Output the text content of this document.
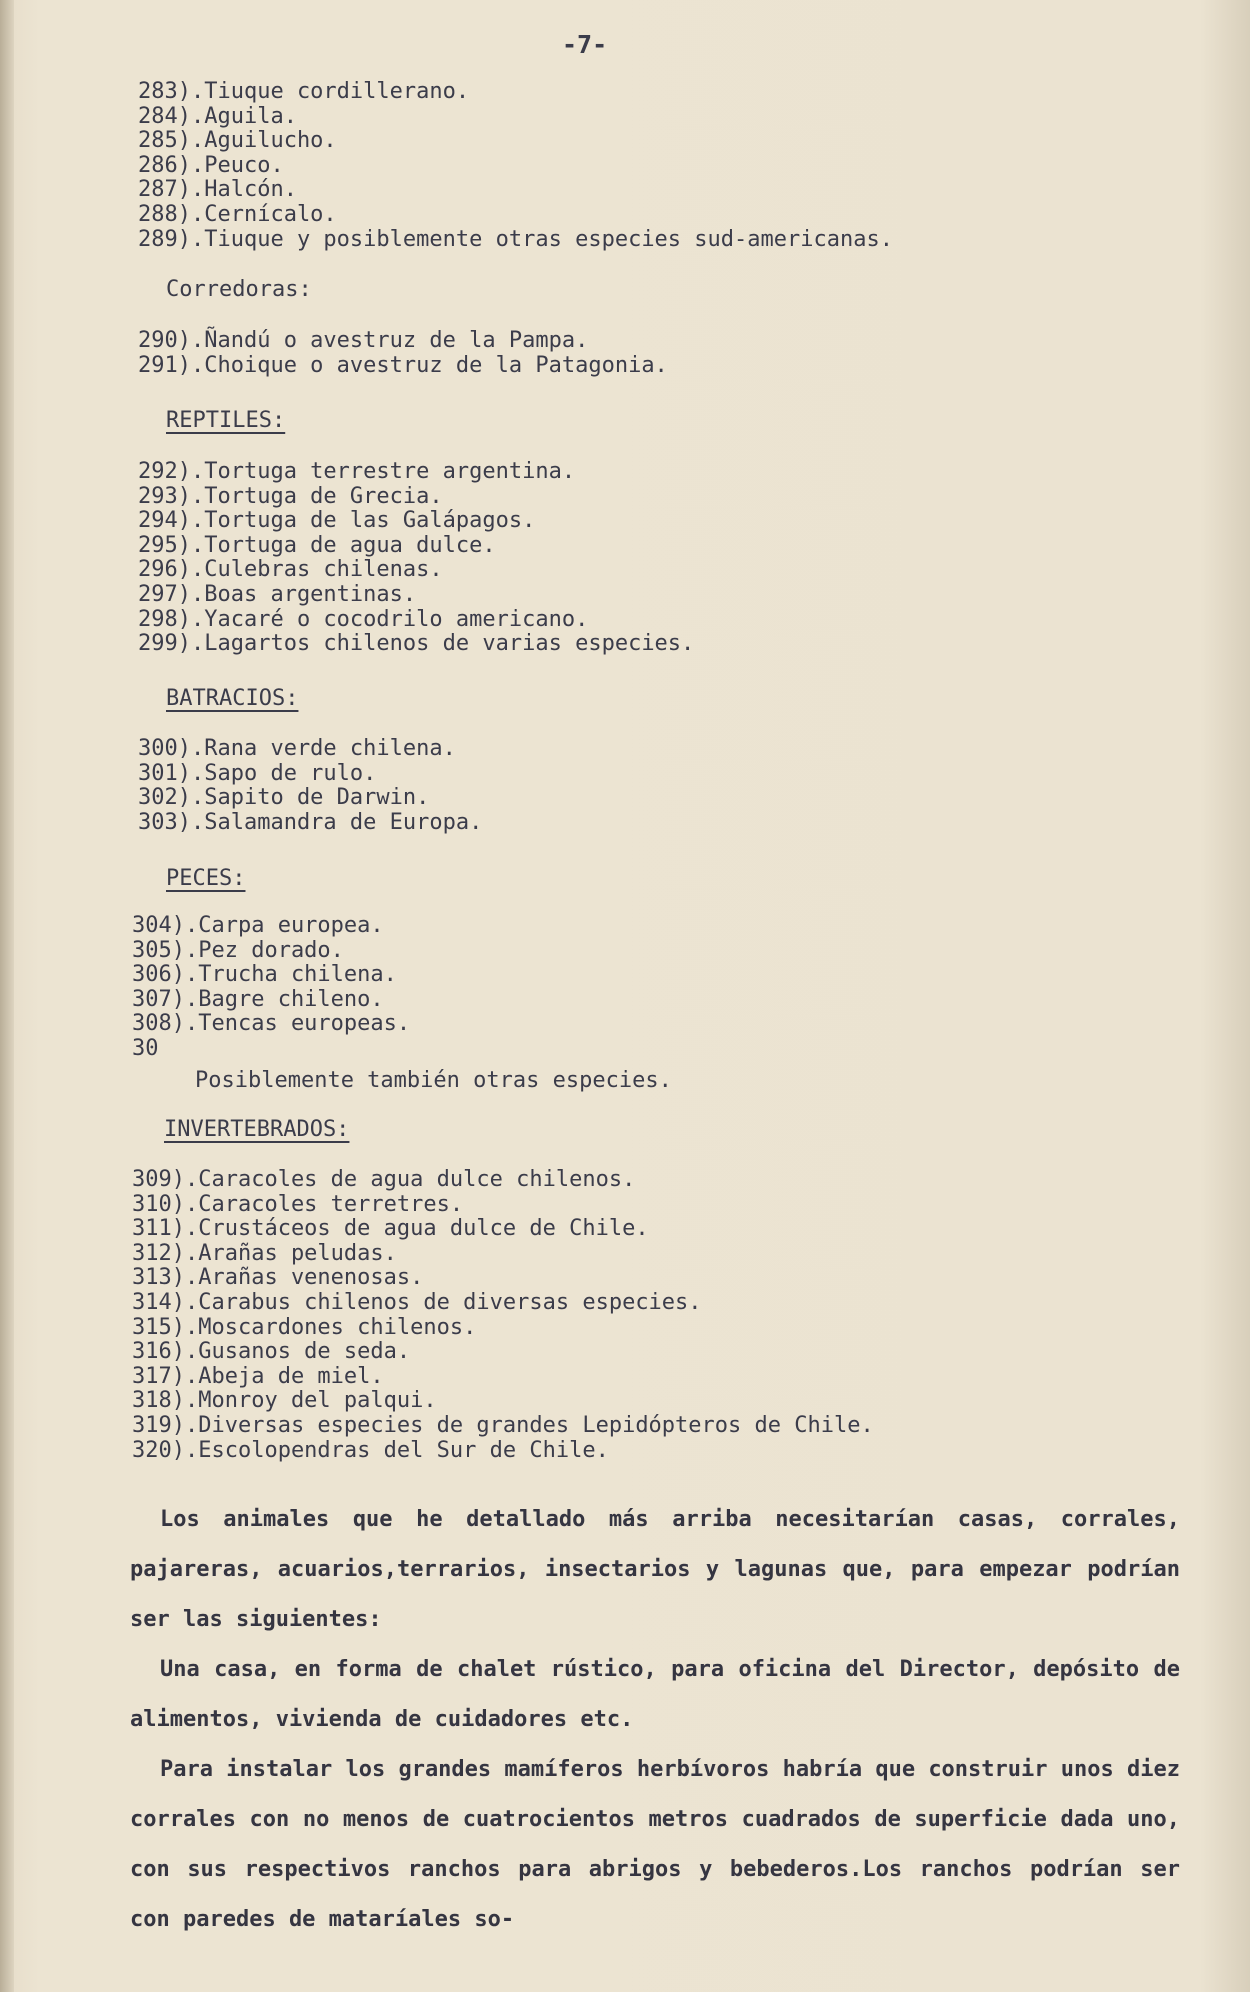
-7-
283).Tiuque cordillerano.
284).Aguila.
285).Aguilucho.
286).Peuco.
287).Halcón.
288).Cernícalo.
289).Tiuque y posiblemente otras especies sud-americanas.
Corredoras:
290).Ñandú o avestruz de la Pampa.
291).Choique o avestruz de la Patagonia.
REPTILES:
292).Tortuga terrestre argentina.
293).Tortuga de Grecia.
294).Tortuga de las Galápagos.
295).Tortuga de agua dulce.
296).Culebras chilenas.
297).Boas argentinas.
298).Yacaré o cocodrilo americano.
299).Lagartos chilenos de varias especies.
BATRACIOS:
300).Rana verde chilena.
301).Sapo de rulo.
302).Sapito de Darwin.
303).Salamandra de Europa.
PECES:
304).Carpa europea.
305).Pez dorado.
306).Trucha chilena.
307).Bagre chileno.
308).Tencas europeas.
30
Posiblemente también otras especies.
INVERTEBRADOS:
309).Caracoles de agua dulce chilenos.
310).Caracoles terretres.
311).Crustáceos de agua dulce de Chile.
312).Arañas peludas.
313).Arañas venenosas.
314).Carabus chilenos de diversas especies.
315).Moscardones chilenos.
316).Gusanos de seda.
317).Abeja de miel.
318).Monroy del palqui.
319).Diversas especies de grandes Lepidópteros de Chile.
320).Escolopendras del Sur de Chile.

Los animales que he detallado más arriba necesitarían casas, corrales, pajareras, acuarios,terrarios, insectarios y lagunas que, para empezar podrían ser las siguientes:

Una casa, en forma de chalet rústico, para oficina del Director, depósito de alimentos, vivienda de cuidadores etc.

Para instalar los grandes mamíferos herbívoros habría que construir unos diez corrales con no menos de cuatrocientos metros cuadrados de superficie dada uno, con sus respectivos ranchos para abrigos y bebederos.Los ranchos podrían ser con paredes de mataríales so-
